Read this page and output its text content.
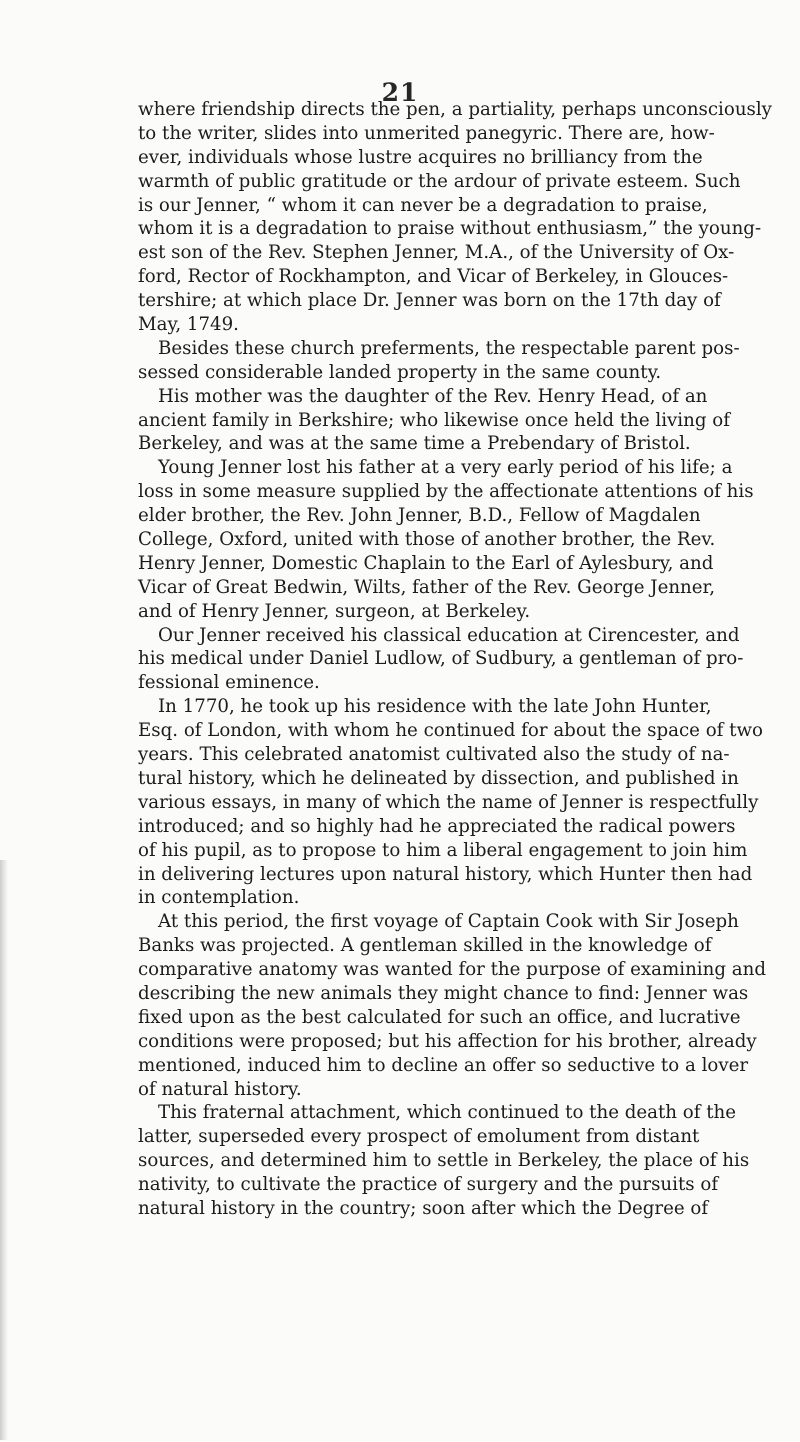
21
where friendship directs the pen, a partiality, perhaps unconsciously
to the writer, slides into unmerited panegyric. There are, how-
ever, individuals whose lustre acquires no brilliancy from the
warmth of public gratitude or the ardour of private esteem. Such
is our Jenner, “ whom it can never be a degradation to praise,
whom it is a degradation to praise without enthusiasm,” the young-
est son of the Rev. Stephen Jenner, M.A., of the University of Ox-
ford, Rector of Rockhampton, and Vicar of Berkeley, in Glouces-
tershire; at which place Dr. Jenner was born on the 17th day of
May, 1749.
Besides these church preferments, the respectable parent pos-
sessed considerable landed property in the same county.
His mother was the daughter of the Rev. Henry Head, of an
ancient family in Berkshire; who likewise once held the living of
Berkeley, and was at the same time a Prebendary of Bristol.
Young Jenner lost his father at a very early period of his life; a
loss in some measure supplied by the affectionate attentions of his
elder brother, the Rev. John Jenner, B.D., Fellow of Magdalen
College, Oxford, united with those of another brother, the Rev.
Henry Jenner, Domestic Chaplain to the Earl of Aylesbury, and
Vicar of Great Bedwin, Wilts, father of the Rev. George Jenner,
and of Henry Jenner, surgeon, at Berkeley.
Our Jenner received his classical education at Cirencester, and
his medical under Daniel Ludlow, of Sudbury, a gentleman of pro-
fessional eminence.
In 1770, he took up his residence with the late John Hunter,
Esq. of London, with whom he continued for about the space of two
years. This celebrated anatomist cultivated also the study of na-
tural history, which he delineated by dissection, and published in
various essays, in many of which the name of Jenner is respectfully
introduced; and so highly had he appreciated the radical powers
of his pupil, as to propose to him a liberal engagement to join him
in delivering lectures upon natural history, which Hunter then had
in contemplation.
At this period, the first voyage of Captain Cook with Sir Joseph
Banks was projected. A gentleman skilled in the knowledge of
comparative anatomy was wanted for the purpose of examining and
describing the new animals they might chance to find: Jenner was
fixed upon as the best calculated for such an office, and lucrative
conditions were proposed; but his affection for his brother, already
mentioned, induced him to decline an offer so seductive to a lover
of natural history.
This fraternal attachment, which continued to the death of the
latter, superseded every prospect of emolument from distant
sources, and determined him to settle in Berkeley, the place of his
nativity, to cultivate the practice of surgery and the pursuits of
natural history in the country; soon after which the Degree of
